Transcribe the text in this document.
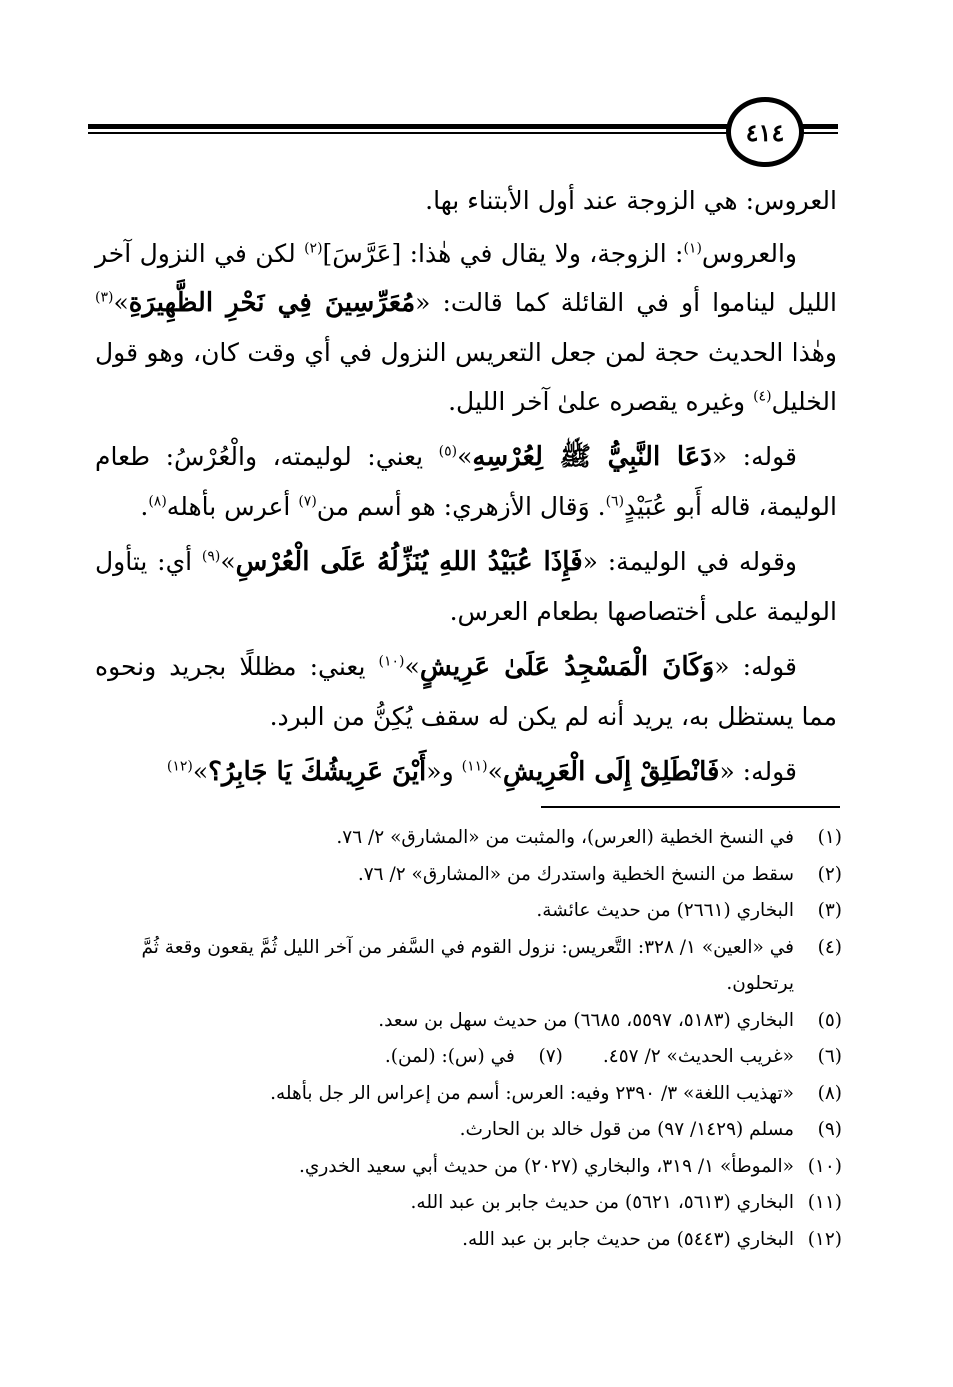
٤١٤

العروس: هي الزوجة عند أول الأبتناء بها.

والعروس$^{(١)}$: الزوجة، ولا يقال في هٰذا: [عَرَّسَ]$^{(٢)}$ لكن في النزول آخر الليل ليناموا أو في القائلة كما قالت: «مُعَرِّسِينَ فِي نَحْرِ الظَّهِيرَةِ»$^{(٣)}$ وهٰذا الحديث حجة لمن جعل التعريس النزول في أي وقت كان، وهو قول الخليل$^{(٤)}$ وغيره يقصره علىٰ آخر الليل.

قوله: «دَعَا النَّبِيُّ ﷺ لِعُرْسِهِ»$^{(٥)}$ يعني: لوليمته، والْعُرْسُ: طعام الوليمة، قاله أَبو عُبَيْدٍ$^{(٦)}$. وَقال الأزهري: هو أسم من$^{(٧)}$ أعرس بأهله$^{(٨)}$.

وقوله في الوليمة: «فَإِذَا عُبَيْدُ اللهِ يُنَزِّلُهُ عَلَى الْعُرْسِ»$^{(٩)}$ أي: يتأول الوليمة على أختصاصها بطعام العرس.

قوله: «وَكَانَ الْمَسْجِدُ عَلَىٰ عَرِيشٍ»$^{(١٠)}$ يعني: مظللًا بجريد ونحوه مما يستظل به، يريد أنه لم يكن له سقف يُكِنُّ من البرد.

قوله: «فَانْطَلِقْ إِلَى الْعَرِيشِ»$^{(١١)}$ و«أَيْنَ عَرِيشُكَ يَا جَابِرُ؟»$^{(١٢)}$

(١)
في النسخ الخطية (العرس)، والمثبت من «المشارق» ٢/ ٧٦.
(٢)
سقط من النسخ الخطية واستدرك من «المشارق» ٢/ ٧٦.
(٣)
البخاري (٢٦٦١) من حديث عائشة.
(٤)
في «العين» ١/ ٣٢٨: التَّعريس: نزول القوم في السَّفر من آخر الليل ثُمَّ يقعون وقعة ثُمَّ يرتحلون.
(٥)
البخاري (٥١٨٣، ٥٥٩٧، ٦٦٨٥) من حديث سهل بن سعد.
(٦)
«غريب الحديث» ٢/ ٤٥٧.
(٧)
في (س): (لمن).
(٨)
«تهذيب اللغة» ٣/ ٢٣٩٠ وفيه: العرس: أسم من إعراس الر جل بأهله.
(٩)
مسلم (١٤٢٩/ ٩٧) من قول خالد بن الحارث.
(١٠)
«الموطأ» ١/ ٣١٩، والبخاري (٢٠٢٧) من حديث أبي سعيد الخدري.
(١١)
البخاري (٥٦١٣، ٥٦٢١) من حديث جابر بن عبد الله.
(١٢)
البخاري (٥٤٤٣) من حديث جابر بن عبد الله.
